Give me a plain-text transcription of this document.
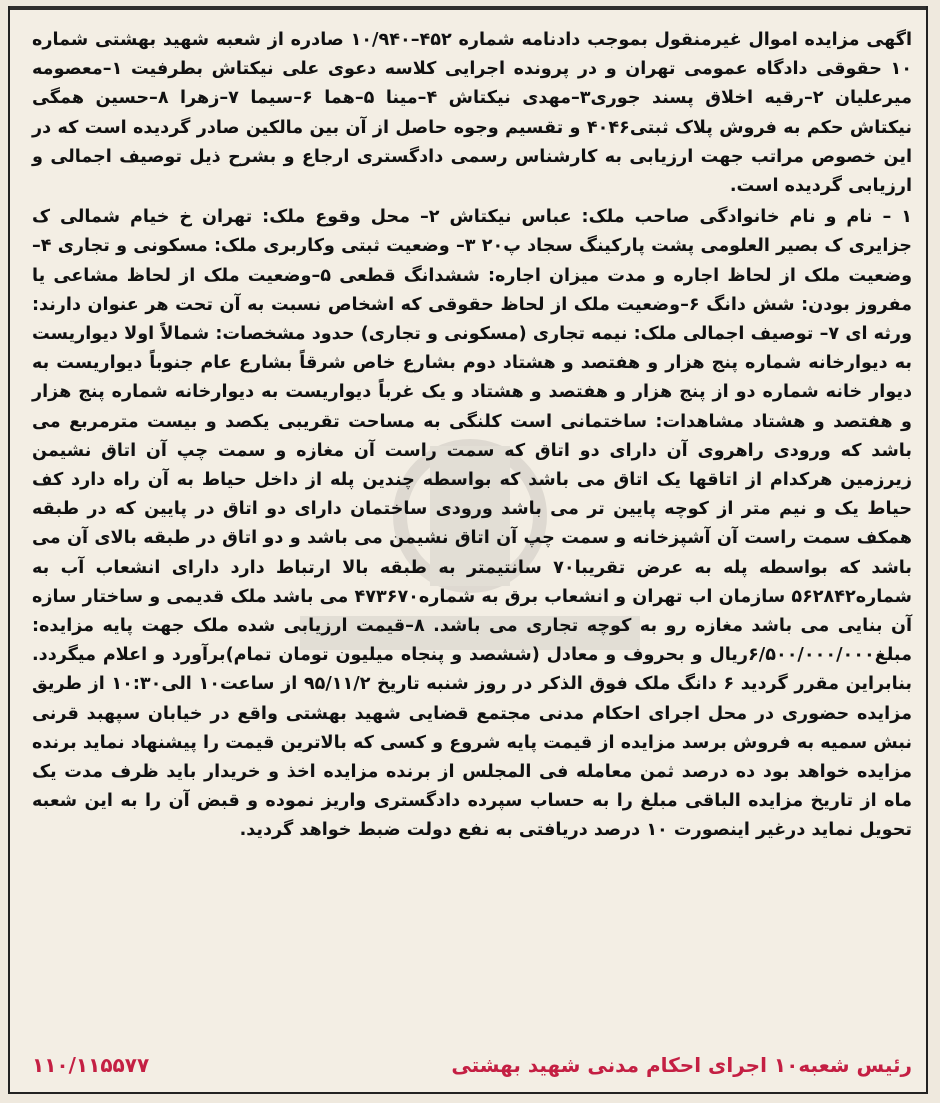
اگهی مزایده اموال غیرمنقول بموجب دادنامه شماره ۴۵۲–۱۰/۹۴۰ صادره از شعبه شهید بهشتی شماره ۱۰ حقوقی دادگاه عمومی تهران و در پرونده اجرایی کلاسه دعوی علی نیکتاش بطرفیت ۱–معصومه میرعلیان ۲–رقیه اخلاق پسند جوری۳–مهدی نیکتاش ۴–مینا ۵–هما ۶–سیما ۷–زهرا ۸–حسین همگی نیکتاش حکم به فروش پلاک ثبتی۴۰۴۶ و تقسیم وجوه حاصل از آن بین مالکین صادر گردیده است که در این خصوص مراتب جهت ارزیابی به کارشناس رسمی دادگستری ارجاع و بشرح ذیل توصیف اجمالی و ارزیابی گردیده است.

۱ – نام و نام خانوادگی صاحب ملک: عباس نیکتاش ۲– محل وقوع ملک: تهران خ خیام شمالی ک جزایری ک بصیر العلومی پشت پارکینگ سجاد پ۲۰ ۳– وضعیت ثبتی وکاربری ملک: مسکونی و تجاری ۴– وضعیت ملک از لحاظ اجاره و مدت میزان اجاره: ششدانگ قطعی ۵–وضعیت ملک از لحاظ مشاعی یا مفروز بودن: شش دانگ ۶–وضعیت ملک از لحاظ حقوقی که اشخاص نسبت به آن تحت هر عنوان دارند: ورثه ای ۷– توصیف اجمالی ملک: نیمه تجاری (مسکونی و تجاری) حدود مشخصات: شمالاً اولا دیواریست به دیوارخانه شماره پنج هزار و هفتصد و هشتاد دوم بشارع خاص شرقاً بشارع عام جنوباً دیواریست به دیوار خانه شماره دو از پنج هزار و هفتصد و هشتاد و یک غرباً دیواریست به دیوارخانه شماره پنج هزار و هفتصد و هشتاد مشاهدات: ساختمانی است کلنگی به مساحت تقریبی یکصد و بیست مترمربع می باشد که ورودی راهروی آن دارای دو اتاق که سمت راست آن مغازه و سمت چپ آن اتاق نشیمن زیرزمین هرکدام از اتاقها یک اتاق می باشد که بواسطه چندین پله از داخل حیاط به آن راه دارد کف حیاط یک و نیم متر از کوچه پایین تر می باشد ورودی ساختمان دارای دو اتاق در پایین که در طبقه همکف سمت راست آن آشپزخانه و سمت چپ آن اتاق نشیمن می باشد و دو اتاق در طبقه بالای آن می باشد که بواسطه پله به عرض تقریبا۷۰ سانتیمتر به طبقه بالا ارتباط دارد دارای انشعاب آب به شماره۵۶۲۸۴۲ سازمان اب تهران و انشعاب برق به شماره۴۷۳۶۷۰ می باشد ملک قدیمی و ساختار سازه آن بنایی می باشد مغازه رو به کوچه تجاری می باشد. ۸–قیمت ارزیابی شده ملک جهت پایه مزایده: مبلغ۶/۵۰۰/۰۰۰/۰۰۰ریال و بحروف و معادل (ششصد و پنجاه میلیون تومان تمام)برآورد و اعلام میگردد. بنابراین مقرر گردید ۶ دانگ ملک فوق الذکر در روز شنبه تاریخ ۹۵/۱۱/۲ از ساعت۱۰ الی۱۰:۳۰ از طریق مزایده حضوری در محل اجرای احکام مدنی مجتمع قضایی شهید بهشتی واقع در خیابان سپهبد قرنی نبش سمیه به فروش برسد مزایده از قیمت پایه شروع و کسی که بالاترین قیمت را پیشنهاد نماید برنده مزایده خواهد بود ده درصد ثمن معامله فی المجلس از برنده مزایده اخذ و خریدار باید ظرف مدت یک ماه از تاریخ مزایده الباقی مبلغ را به حساب سپرده دادگستری واریز نموده و قبض آن را به این شعبه تحویل نماید درغیر اینصورت ۱۰ درصد دریافتی به نفع دولت ضبط خواهد گردید.

رئیس شعبه۱۰ اجرای احکام مدنی شهید بهشتی
۱۱۰/۱۱۵۵۷۷
